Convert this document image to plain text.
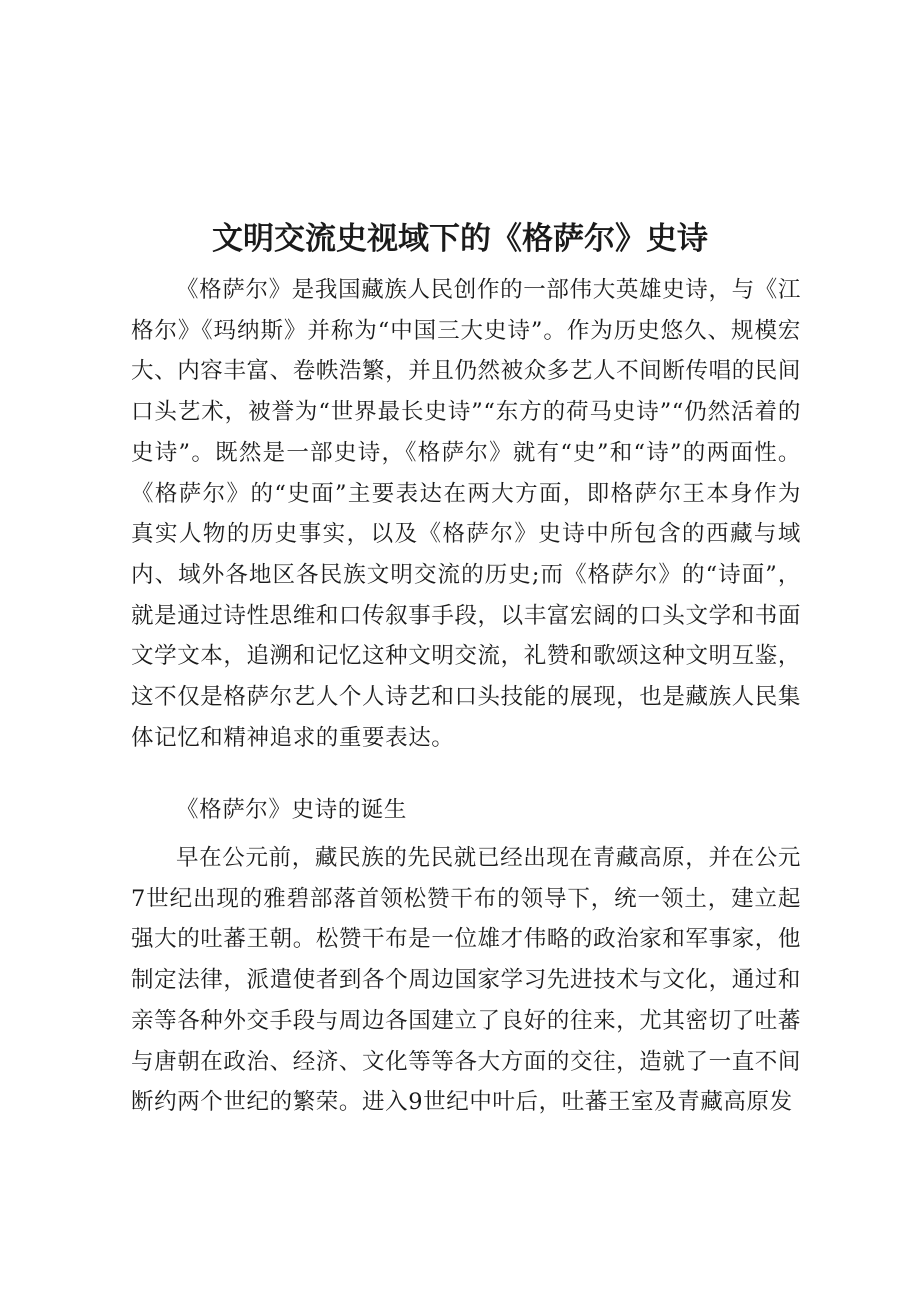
文明交流史视域下的《格萨尔》史诗

《格萨尔》是我国藏族人民创作的一部伟大英雄史诗，与《江格尔》《玛纳斯》并称为“中国三大史诗”。作为历史悠久、规模宏大、内容丰富、卷帙浩繁，并且仍然被众多艺人不间断传唱的民间口头艺术，被誉为“世界最长史诗”“东方的荷马史诗”“仍然活着的史诗”。既然是一部史诗，《格萨尔》就有“史”和“诗”的两面性。《格萨尔》的“史面”主要表达在两大方面，即格萨尔王本身作为真实人物的历史事实，以及《格萨尔》史诗中所包含的西藏与域内、域外各地区各民族文明交流的历史;而《格萨尔》的“诗面”，就是通过诗性思维和口传叙事手段，以丰富宏阔的口头文学和书面文学文本，追溯和记忆这种文明交流，礼赞和歌颂这种文明互鉴，这不仅是格萨尔艺人个人诗艺和口头技能的展现，也是藏族人民集体记忆和精神追求的重要表达。

《格萨尔》史诗的诞生

早在公元前，藏民族的先民就已经出现在青藏高原，并在公元7世纪出现的雅碧部落首领松赞干布的领导下，统一领土，建立起强大的吐蕃王朝。松赞干布是一位雄才伟略的政治家和军事家，他制定法律，派遣使者到各个周边国家学习先进技术与文化，通过和亲等各种外交手段与周边各国建立了良好的往来，尤其密切了吐蕃与唐朝在政治、经济、文化等等各大方面的交往，造就了一直不间断约两个世纪的繁荣。进入9世纪中叶后，吐蕃王室及青藏高原发
